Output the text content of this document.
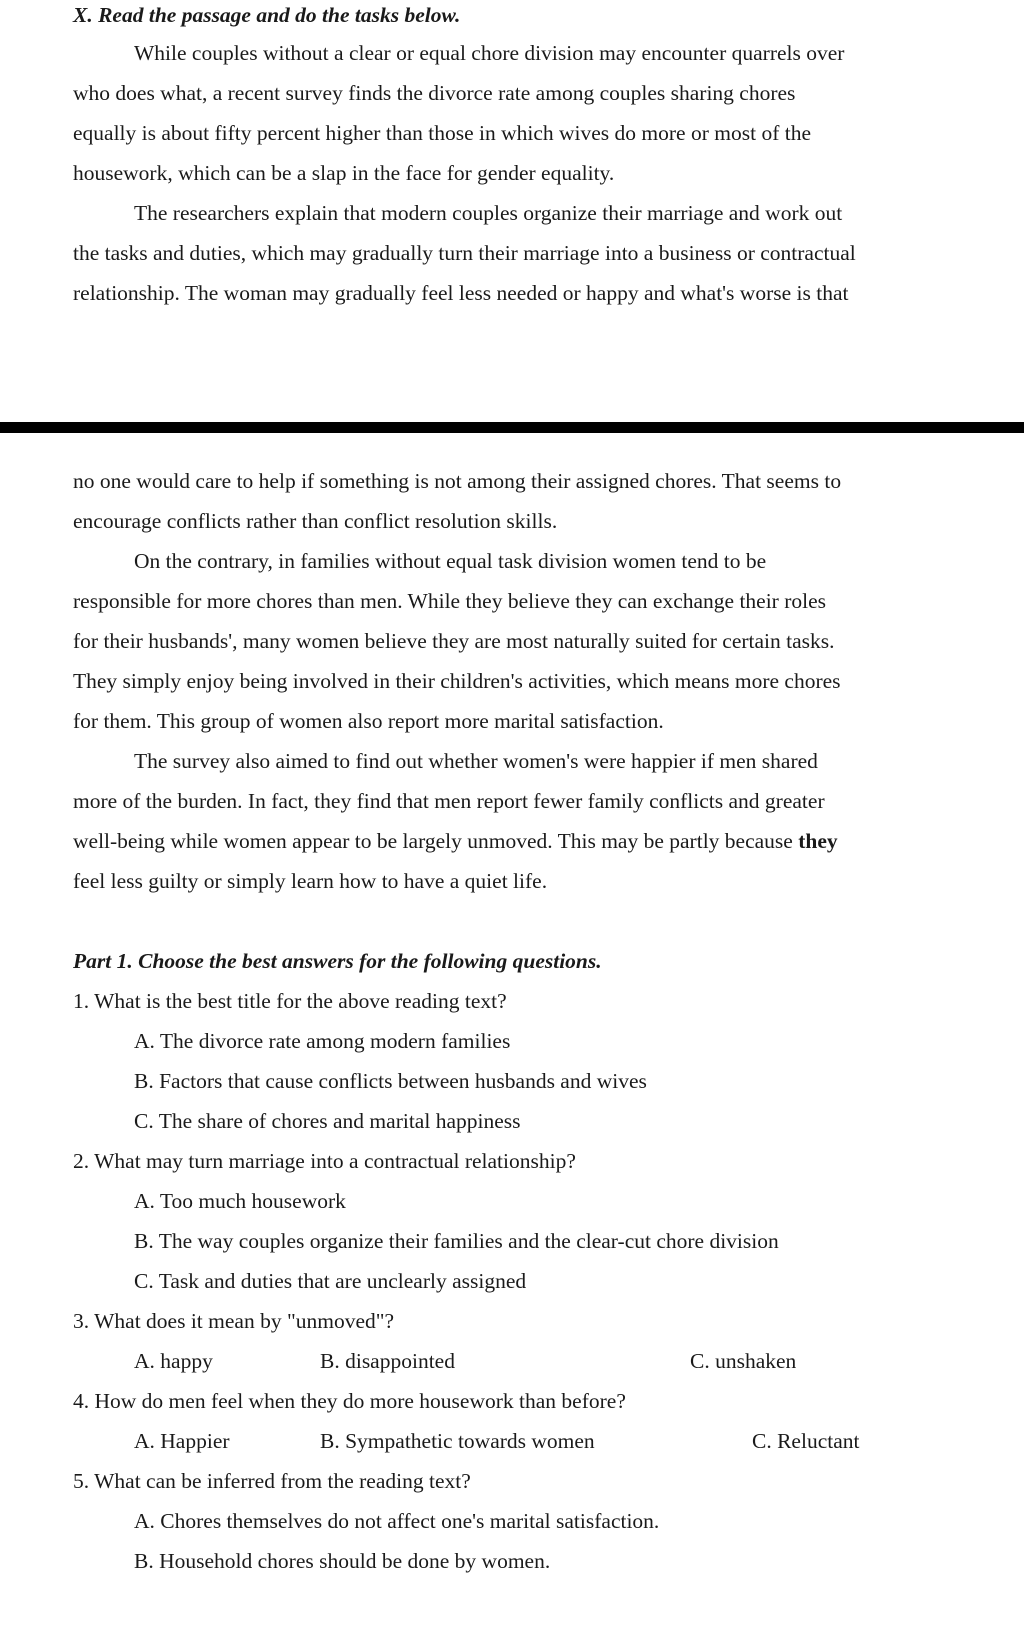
X. Read the passage and do the tasks below.
While couples without a clear or equal chore division may encounter quarrels over
who does what, a recent survey finds the divorce rate among couples sharing chores
equally is about fifty percent higher than those in which wives do more or most of the
housework, which can be a slap in the face for gender equality.
The researchers explain that modern couples organize their marriage and work out
the tasks and duties, which may gradually turn their marriage into a business or contractual
relationship. The woman may gradually feel less needed or happy and what's worse is that
no one would care to help if something is not among their assigned chores. That seems to
encourage conflicts rather than conflict resolution skills.
On the contrary, in families without equal task division women tend to be
responsible for more chores than men. While they believe they can exchange their roles
for their husbands', many women believe they are most naturally suited for certain tasks.
They simply enjoy being involved in their children's activities, which means more chores
for them. This group of women also report more marital satisfaction.
The survey also aimed to find out whether women's were happier if men shared
more of the burden. In fact, they find that men report fewer family conflicts and greater
well-being while women appear to be largely unmoved. This may be partly because they
feel less guilty or simply learn how to have a quiet life.
Part 1. Choose the best answers for the following questions.
1. What is the best title for the above reading text?
A. The divorce rate among modern families
B. Factors that cause conflicts between husbands and wives
C. The share of chores and marital happiness
2. What may turn marriage into a contractual relationship?
A. Too much housework
B. The way couples organize their families and the clear-cut chore division
C. Task and duties that are unclearly assigned
3. What does it mean by "unmoved"?
A. happy	B. disappointed	C. unshaken
4. How do men feel when they do more housework than before?
A. Happier	B. Sympathetic towards women	C. Reluctant
5. What can be inferred from the reading text?
A. Chores themselves do not affect one's marital satisfaction.
B. Household chores should be done by women.
